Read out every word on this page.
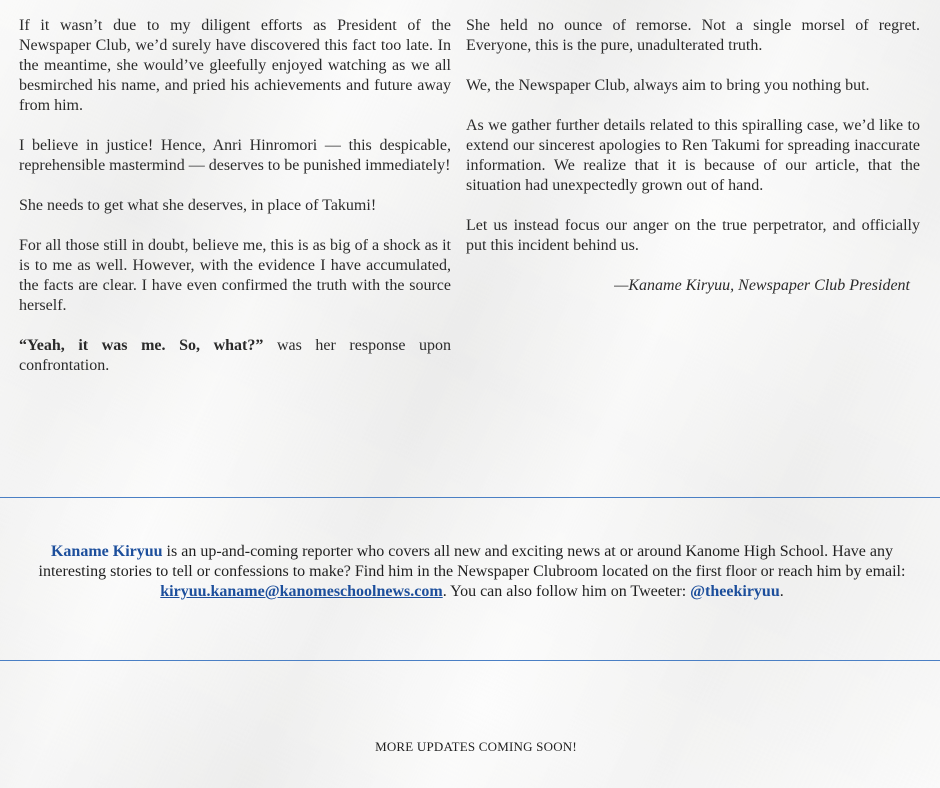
If it wasn’t due to my diligent efforts as President of the Newspaper Club, we’d surely have discovered this fact too late. In the meantime, she would’ve gleefully enjoyed watching as we all besmirched his name, and pried his achievements and future away from him.

I believe in justice! Hence, Anri Hinromori — this despicable, reprehensible mastermind — deserves to be punished immediately!

She needs to get what she deserves, in place of Takumi!

For all those still in doubt, believe me, this is as big of a shock as it is to me as well. However, with the evidence I have accumulated, the facts are clear. I have even confirmed the truth with the source herself.

“Yeah, it was me. So, what?” was her response upon confrontation.

She held no ounce of remorse. Not a single morsel of regret. Everyone, this is the pure, unadulterated truth.

We, the Newspaper Club, always aim to bring you nothing but.

As we gather further details related to this spiralling case, we’d like to extend our sincerest apologies to Ren Takumi for spreading inaccurate information. We realize that it is because of our article, that the situation had unexpectedly grown out of hand.

Let us instead focus our anger on the true perpetrator, and officially put this incident behind us.

—Kaname Kiryuu, Newspaper Club President

Kaname Kiryuu is an up-and-coming reporter who covers all new and exciting news at or around Kanome High School. Have any interesting stories to tell or confessions to make? Find him in the Newspaper Clubroom located on the first floor or reach him by email: kiryuu.kaname@kanomeschoolnews.com. You can also follow him on Tweeter: @theekiryuu.
MORE UPDATES COMING SOON!
